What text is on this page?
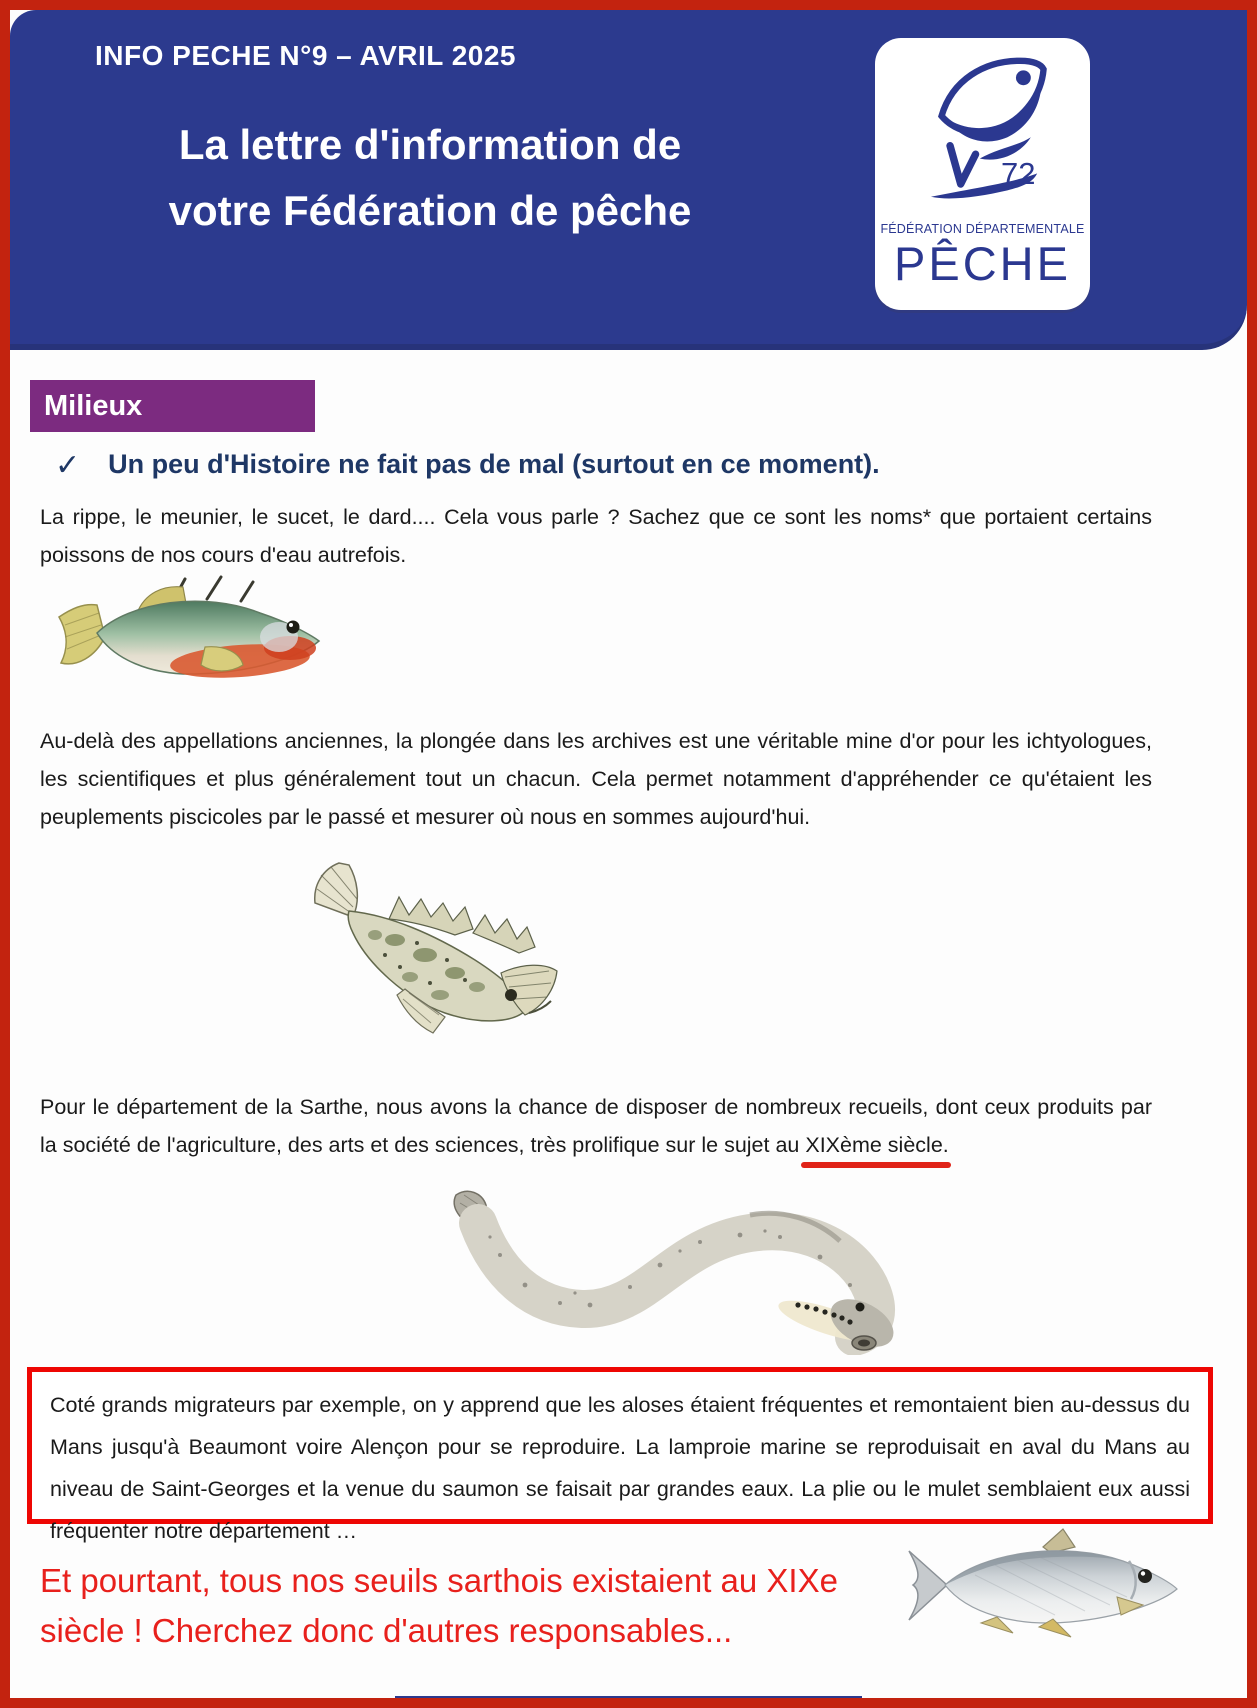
INFO PECHE N°9 – AVRIL 2025
La lettre d'information de
votre Fédération de pêche
72
FÉDÉRATION DÉPARTEMENTALE
PÊCHE
Milieux
✓ Un peu d'Histoire ne fait pas de mal (surtout en ce moment).
La rippe, le meunier, le sucet, le dard.... Cela vous parle ? Sachez que ce sont les noms* que portaient certains poissons de nos cours d'eau autrefois.
Au-delà des appellations anciennes, la plongée dans les archives est une véritable mine d'or pour les ichtyologues, les scientifiques et plus généralement tout un chacun. Cela permet notamment d'appréhender ce qu'étaient les peuplements piscicoles par le passé et mesurer où nous en sommes aujourd'hui.
Pour le département de la Sarthe, nous avons la chance de disposer de nombreux recueils, dont ceux produits par la société de l'agriculture, des arts et des sciences, très prolifique sur le sujet au XIXème siècle.
Coté grands migrateurs par exemple, on y apprend que les aloses étaient fréquentes et remontaient bien au-dessus du Mans jusqu'à Beaumont voire Alençon pour se reproduire. La lamproie marine se reproduisait en aval du Mans au niveau de Saint-Georges et la venue du saumon se faisait par grandes eaux. La plie ou le mulet semblaient eux aussi fréquenter notre département …
Et pourtant, tous nos seuils sarthois existaient au XIXe
siècle ! Cherchez donc d'autres responsables...
